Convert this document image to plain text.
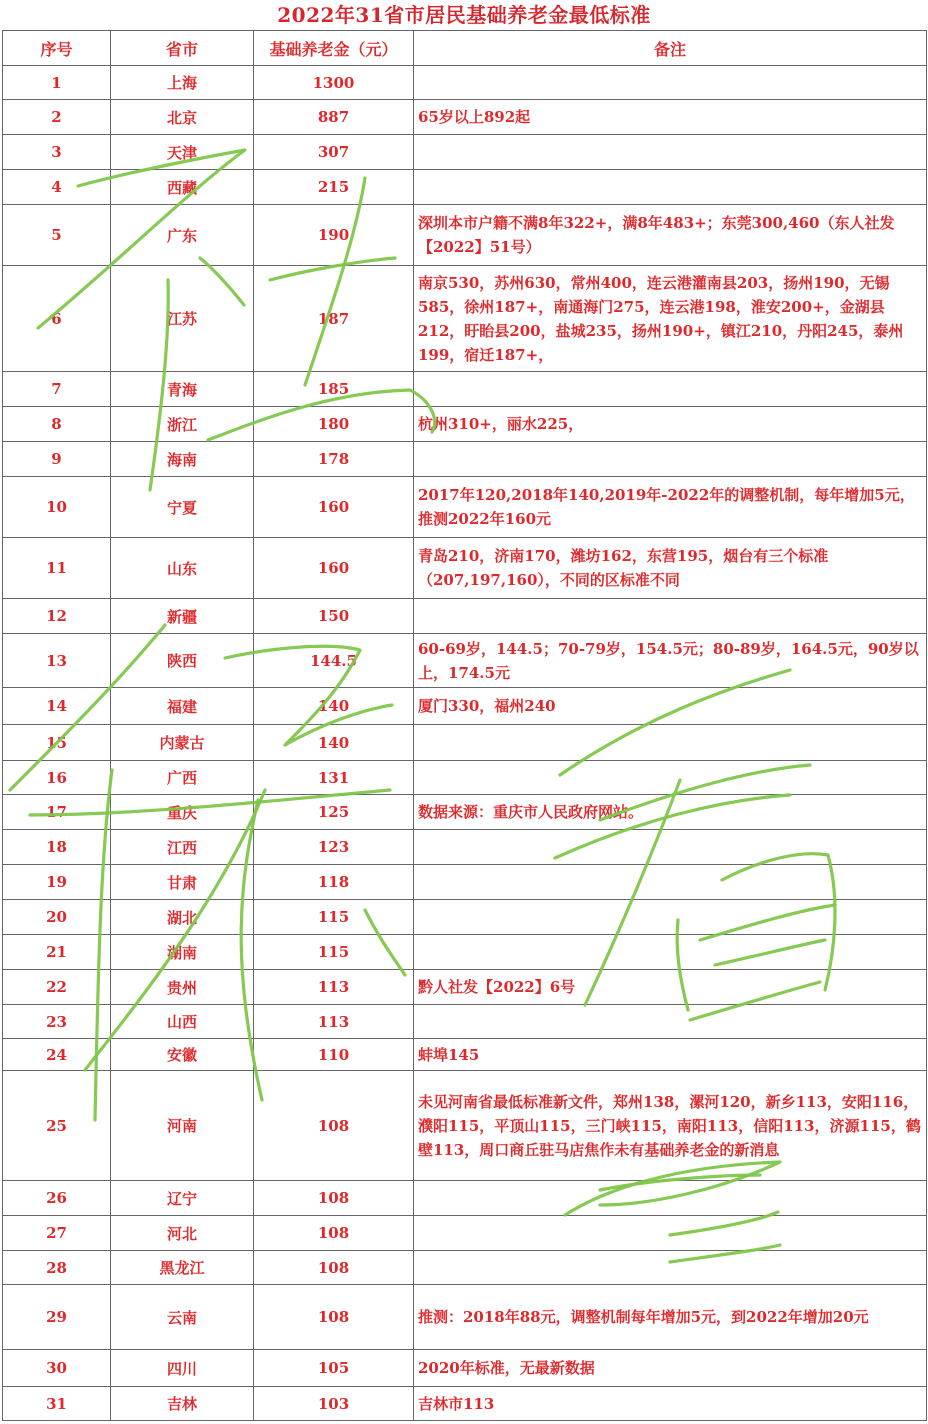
2022年31省市居民基础养老金最低标准
序号	省市	基础养老金（元）	备注
1	上海	1300	
2	北京	887	65岁以上892起
3	天津	307	
4	西藏	215	
5	广东	190	深圳本市户籍不满8年322+，满8年483+；东莞300,460（东人社发【2022】51号）
6	江苏	187	南京530，苏州630，常州400，连云港灌南县203，扬州190，无锡585，徐州187+，南通海门275，连云港198，淮安200+，金湖县212，盱眙县200，盐城235，扬州190+，镇江210，丹阳245，泰州199，宿迁187+，
7	青海	185	
8	浙江	180	杭州310+，丽水225，
9	海南	178	
10	宁夏	160	2017年120,2018年140,2019年-2022年的调整机制，每年增加5元，推测2022年160元
11	山东	160	青岛210，济南170，潍坊162，东营195，烟台有三个标准（207,197,160），不同的区标准不同
12	新疆	150	
13	陕西	144.5	60-69岁，144.5；70-79岁，154.5元；80-89岁，164.5元，90岁以上，174.5元
14	福建	140	厦门330，福州240
15	内蒙古	140	
16	广西	131	
17	重庆	125	数据来源：重庆市人民政府网站。
18	江西	123	
19	甘肃	118	
20	湖北	115	
21	湖南	115	
22	贵州	113	黔人社发【2022】6号
23	山西	113	
24	安徽	110	蚌埠145
25	河南	108	未见河南省最低标准新文件，郑州138，漯河120，新乡113，安阳116，濮阳115，平顶山115，三门峡115，南阳113，信阳113，济源115，鹤壁113，周口商丘驻马店焦作未有基础养老金的新消息
26	辽宁	108	
27	河北	108	
28	黑龙江	108	
29	云南	108	推测：2018年88元，调整机制每年增加5元，到2022年增加20元
30	四川	105	2020年标准，无最新数据
31	吉林	103	吉林市113
